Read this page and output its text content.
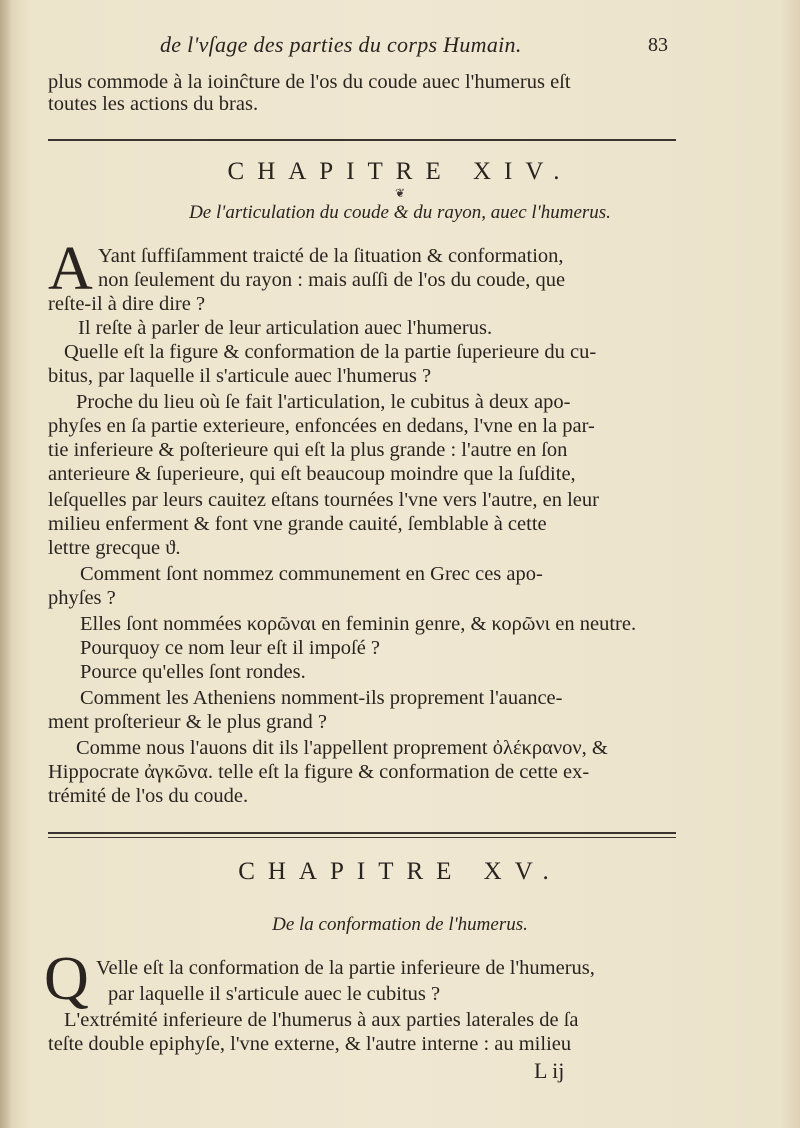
de l'vſage des parties du corps Humain.	83
plus commode à la ioinĉture de l'os du coude auec l'humerus eſt
toutes les actions du bras.
CHAPITRE XIV.
❦
De l'articulation du coude & du rayon, auec l'humerus.
A Yant ſuffiſamment traicté de la ſituation & conformation,
non ſeulement du rayon : mais auſſi de l'os du coude, que
reſte-il à dire dire ?
Il reſte à parler de leur articulation auec l'humerus.
Quelle eſt la figure & conformation de la partie ſuperieure du cu-
bitus, par laquelle il s'articule auec l'humerus ?
Proche du lieu où ſe fait l'articulation, le cubitus à deux apo-
phyſes en ſa partie exterieure, enfoncées en dedans, l'vne en la par-
tie inferieure & poſterieure qui eſt la plus grande : l'autre en ſon
anterieure & ſuperieure, qui eſt beaucoup moindre que la ſuſdite,
leſquelles par leurs cauitez eſtans tournées l'vne vers l'autre, en leur
milieu enferment & font vne grande cauité, ſemblable à cette
lettre grecque ϑ.
Comment ſont nommez communement en Grec ces apo-
phyſes ?
Elles ſont nommées κορῶναι en feminin genre, & κορῶνι en neutre.
Pourquoy ce nom leur eſt il impoſé ?
Pource qu'elles ſont rondes.
Comment les Atheniens nomment-ils proprement l'auance-
ment proſterieur & le plus grand ?
Comme nous l'auons dit ils l'appellent proprement ὀλέκρανον, &
Hippocrate ἀγκῶνα. telle eſt la figure & conformation de cette ex-
trémité de l'os du coude.
CHAPITRE XV.
De la conformation de l'humerus.
Q Velle eſt la conformation de la partie inferieure de l'humerus,
par laquelle il s'articule auec le cubitus ?
L'extrémité inferieure de l'humerus à aux parties laterales de ſa
teſte double epiphyſe, l'vne externe, & l'autre interne : au milieu
L ij
